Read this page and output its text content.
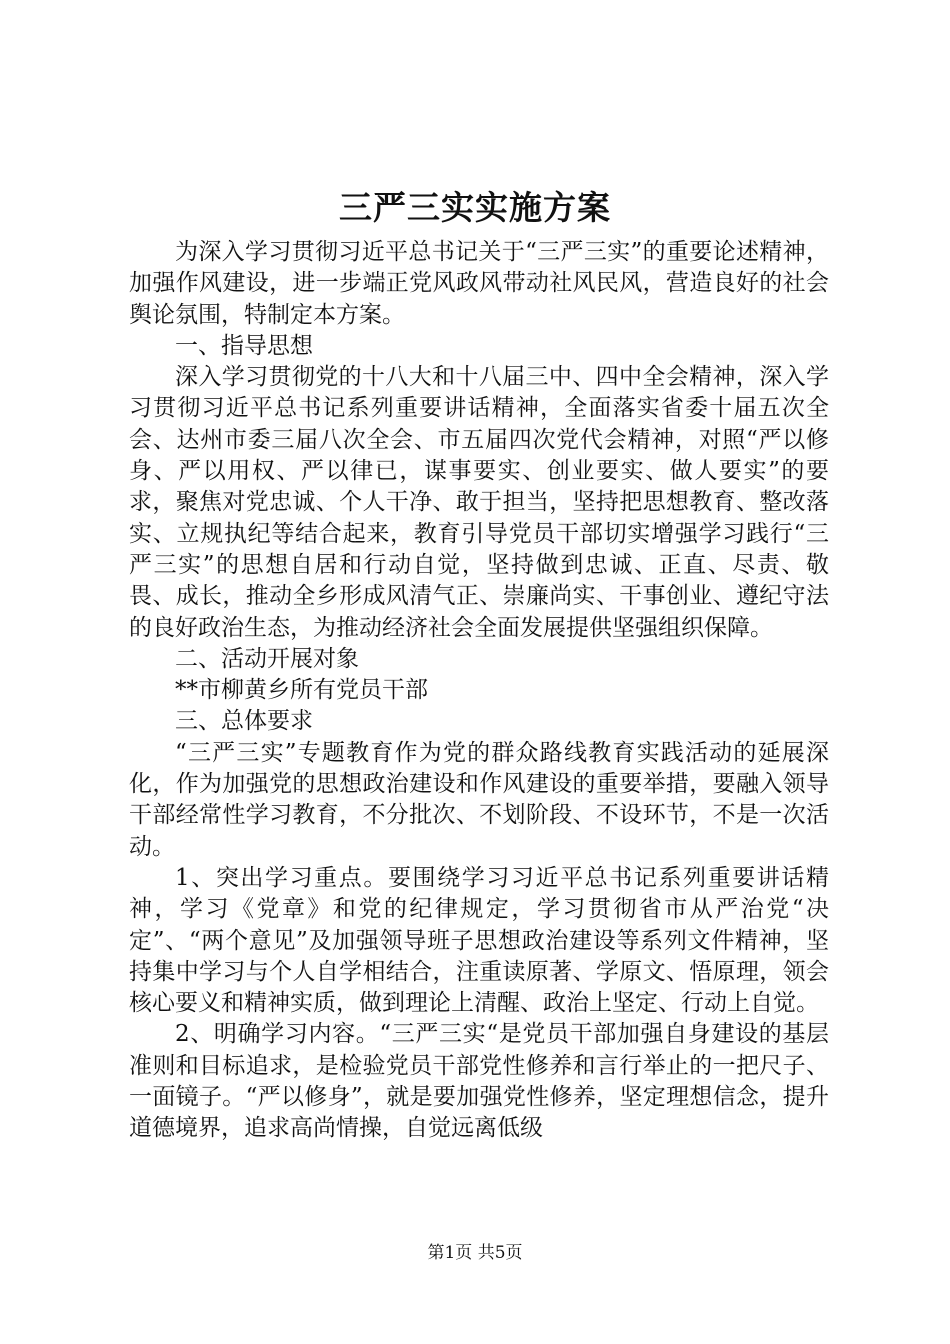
三严三实实施方案

为深入学习贯彻习近平总书记关于“三严三实”的重要论述精神，加强作风建设，进一步端正党风政风带动社风民风，营造良好的社会舆论氛围，特制定本方案。

一、指导思想

深入学习贯彻党的十八大和十八届三中、四中全会精神，深入学习贯彻习近平总书记系列重要讲话精神，全面落实省委十届五次全会、达州市委三届八次全会、市五届四次党代会精神，对照“严以修身、严以用权、严以律已，谋事要实、创业要实、做人要实”的要求，聚焦对党忠诚、个人干净、敢于担当，坚持把思想教育、整改落实、立规执纪等结合起来，教育引导党员干部切实增强学习践行“三严三实”的思想自居和行动自觉，坚持做到忠诚、正直、尽责、敬畏、成长，推动全乡形成风清气正、崇廉尚实、干事创业、遵纪守法的良好政治生态，为推动经济社会全面发展提供坚强组织保障。

二、活动开展对象

**市柳黄乡所有党员干部

三、总体要求

“三严三实”专题教育作为党的群众路线教育实践活动的延展深化，作为加强党的思想政治建设和作风建设的重要举措，要融入领导干部经常性学习教育，不分批次、不划阶段、不设环节，不是一次活动。

1、突出学习重点。要围绕学习习近平总书记系列重要讲话精神，学习《党章》和党的纪律规定，学习贯彻省市从严治党“决定”、“两个意见”及加强领导班子思想政治建设等系列文件精神，坚持集中学习与个人自学相结合，注重读原著、学原文、悟原理，领会核心要义和精神实质，做到理论上清醒、政治上坚定、行动上自觉。

2、明确学习内容。“三严三实“是党员干部加强自身建设的基层准则和目标追求，是检验党员干部党性修养和言行举止的一把尺子、一面镜子。“严以修身”，就是要加强党性修养，坚定理想信念，提升道德境界，追求高尚情操，自觉远离低级

第1页 共5页
